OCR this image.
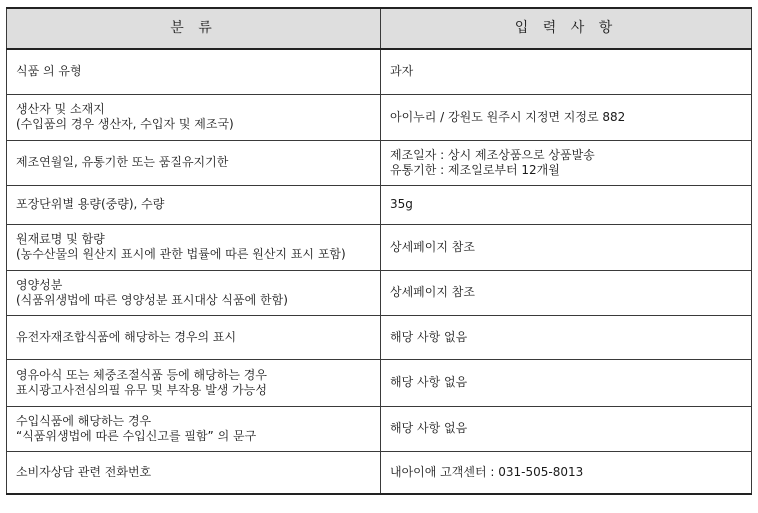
분 류	입 력 사 항

식품 의 유형	과자

생산자 및 소재지
(수입품의 경우 생산자, 수입자 및 제조국)	아이누리 / 강원도 원주시 지정면 지정로 882

제조연월일, 유통기한 또는 품질유지기한	제조일자 : 상시 제조상품으로 상품발송
유통기한 : 제조일로부터 12개월

포장단위별 용량(중량), 수량	35g

원재료명 및 함량
(농수산물의 원산지 표시에 관한 법률에 따른 원산지 표시 포함)	상세페이지 참조

영양성분
(식품위생법에 따른 영양성분 표시대상 식품에 한함)	상세페이지 참조

유전자재조합식품에 해당하는 경우의 표시	해당 사항 없음

영유아식 또는 체중조절식품 등에 해당하는 경우
표시광고사전심의필 유무 및 부작용 발생 가능성	해당 사항 없음

수입식품에 해당하는 경우
“식품위생법에 따른 수입신고를 필함” 의 문구	해당 사항 없음

소비자상담 관련 전화번호	내아이애 고객센터 : 031-505-8013
